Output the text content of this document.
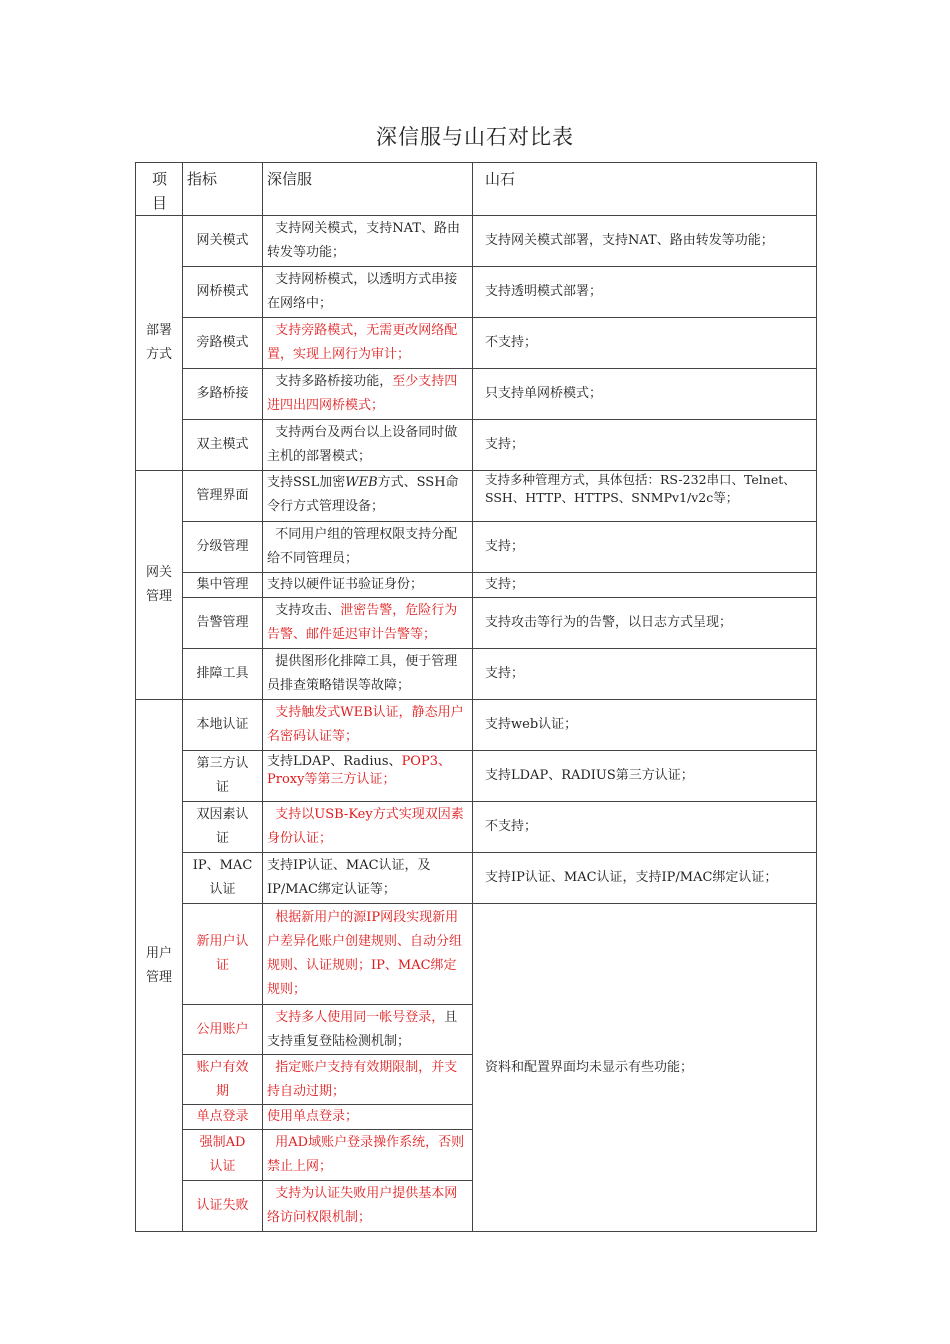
深信服与山石对比表
项目	指标	深信服	山石

部署方式	网关模式	支持网关模式，支持NAT、路由转发等功能；	支持网关模式部署，支持NAT、路由转发等功能；
	网桥模式	支持网桥模式，以透明方式串接在网络中；	支持透明模式部署；
	旁路模式	支持旁路模式，无需更改网络配置，实现上网行为审计；	不支持；
	多路桥接	支持多路桥接功能，至少支持四进四出四网桥模式；	只支持单网桥模式；
	双主模式	支持两台及两台以上设备同时做主机的部署模式；	支持；

网关管理	管理界面	支持SSL加密WEB方式、SSH命令行方式管理设备；	支持多种管理方式，具体包括：RS-232串口、Telnet、SSH、HTTP、HTTPS、SNMPv1/v2c等；

	分级管理	不同用户组的管理权限支持分配给不同管理员；	支持；
	集中管理	支持以硬件证书验证身份；	支持；
	告警管理	支持攻击、泄密告警，危险行为告警、邮件延迟审计告警等；	支持攻击等行为的告警，以日志方式呈现；
	排障工具	提供图形化排障工具，便于管理员排查策略错误等故障；	支持；

用户管理	本地认证	支持触发式WEB认证，静态用户名密码认证等；	支持web认证；

	第三方认证	支持LDAP、Radius、POP3、Proxy等第三方认证；	支持LDAP、RADIUS第三方认证；

	双因素认证	支持以USB-Key方式实现双因素身份认证；	不支持；

	IP、MAC认证	支持IP认证、MAC认证，及IP/MAC绑定认证等；	支持IP认证、MAC认证，支持IP/MAC绑定认证；

	新用户认证	根据新用户的源IP网段实现新用户差异化账户创建规则、自动分组规则、认证规则；IP、MAC绑定规则；	资料和配置界面均未显示有些功能；
	公用账户	支持多人使用同一帐号登录，且支持重复登陆检测机制；	

	账户有效期	指定账户支持有效期限制，并支持自动过期；	
	单点登录	使用单点登录；	

	强制AD认证	用AD域账户登录操作系统，否则禁止上网；	
	认证失败	支持为认证失败用户提供基本网络访问权限机制；	
